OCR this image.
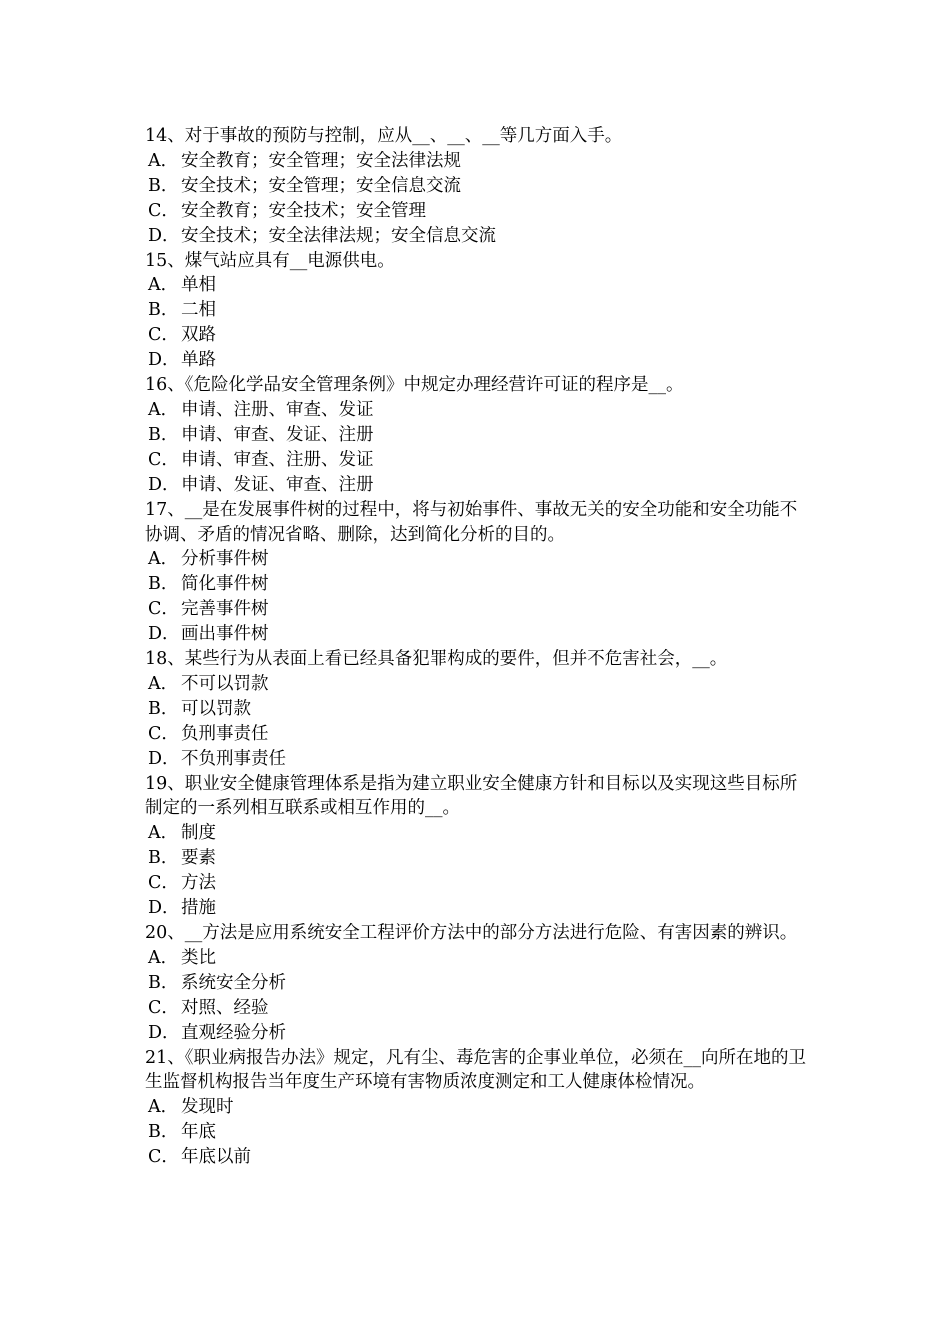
14、对于事故的预防与控制，应从__、__、__等几方面入手。

A． 安全教育；安全管理；安全法律法规
B． 安全技术；安全管理；安全信息交流
C． 安全教育；安全技术；安全管理
D．安全技术；安全法律法规；安全信息交流

15、煤气站应具有__电源供电。

A． 单相
B． 二相
C． 双路
D．单路

16、《危险化学品安全管理条例》中规定办理经营许可证的程序是__。

A． 申请、注册、审查、发证
B． 申请、审查、发证、注册
C． 申请、审查、注册、发证
D．申请、发证、审查、注册

17、__是在发展事件树的过程中，将与初始事件、事故无关的安全功能和安全功能不协调、矛盾的情况省略、删除，达到简化分析的目的。

A． 分析事件树
B． 简化事件树
C． 完善事件树
D．画出事件树

18、某些行为从表面上看已经具备犯罪构成的要件，但并不危害社会，__。

A． 不可以罚款
B． 可以罚款
C． 负刑事责任
D．不负刑事责任

19、职业安全健康管理体系是指为建立职业安全健康方针和目标以及实现这些目标所制定的一系列相互联系或相互作用的__。

A． 制度
B． 要素
C． 方法
D．措施

20、__方法是应用系统安全工程评价方法中的部分方法进行危险、有害因素的辨识。

A． 类比
B． 系统安全分析
C． 对照、经验
D．直观经验分析

21、《职业病报告办法》规定，凡有尘、毒危害的企事业单位，必须在__向所在地的卫生监督机构报告当年度生产环境有害物质浓度测定和工人健康体检情况。

A． 发现时
B． 年底
C． 年底以前
